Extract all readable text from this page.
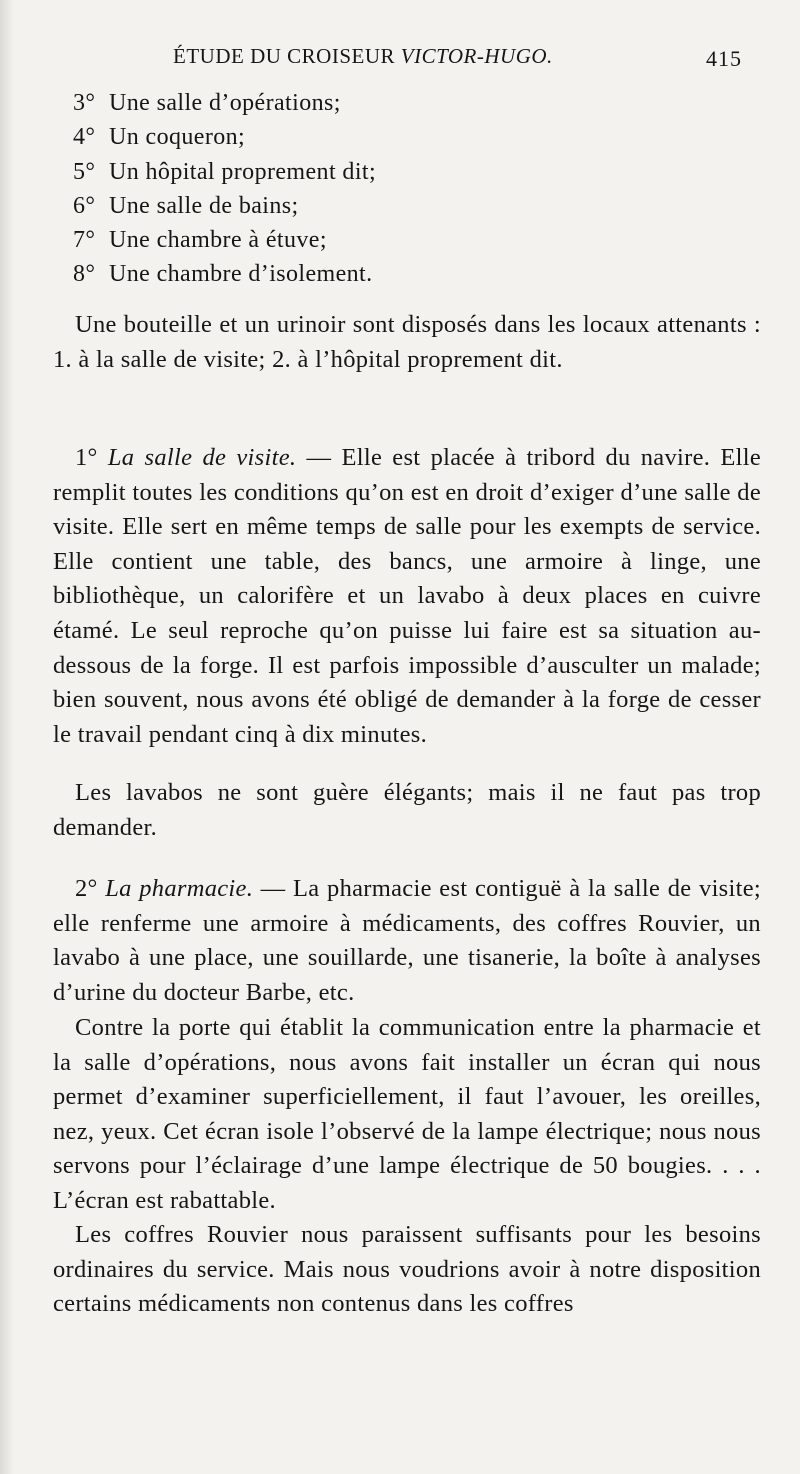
ÉTUDE DU CROISEUR VICTOR-HUGO.	415
3° Une salle d’opérations;
4° Un coqueron;
5° Un hôpital proprement dit;
6° Une salle de bains;
7° Une chambre à étuve;
8° Une chambre d’isolement.

Une bouteille et un urinoir sont disposés dans les locaux attenants : 1. à la salle de visite; 2. à l’hôpital proprement dit.

1° La salle de visite. — Elle est placée à tribord du navire. Elle remplit toutes les conditions qu’on est en droit d’exiger d’une salle de visite. Elle sert en même temps de salle pour les exempts de service. Elle contient une table, des bancs, une armoire à linge, une bibliothèque, un calorifère et un lavabo à deux places en cuivre étamé. Le seul reproche qu’on puisse lui faire est sa situation au-dessous de la forge. Il est parfois impossible d’ausculter un malade; bien souvent, nous avons été obligé de demander à la forge de cesser le travail pendant cinq à dix minutes.

Les lavabos ne sont guère élégants; mais il ne faut pas trop demander.

2° La pharmacie. — La pharmacie est contiguë à la salle de visite; elle renferme une armoire à médicaments, des coffres Rouvier, un lavabo à une place, une souillarde, une tisanerie, la boîte à analyses d’urine du docteur Barbe, etc.

Contre la porte qui établit la communication entre la pharmacie et la salle d’opérations, nous avons fait installer un écran qui nous permet d’examiner superficiellement, il faut l’avouer, les oreilles, nez, yeux. Cet écran isole l’observé de la lampe électrique; nous nous servons pour l’éclairage d’une lampe électrique de 50 bougies. . . . L’écran est rabattable.

Les coffres Rouvier nous paraissent suffisants pour les besoins ordinaires du service. Mais nous voudrions avoir à notre disposition certains médicaments non contenus dans les coffres
